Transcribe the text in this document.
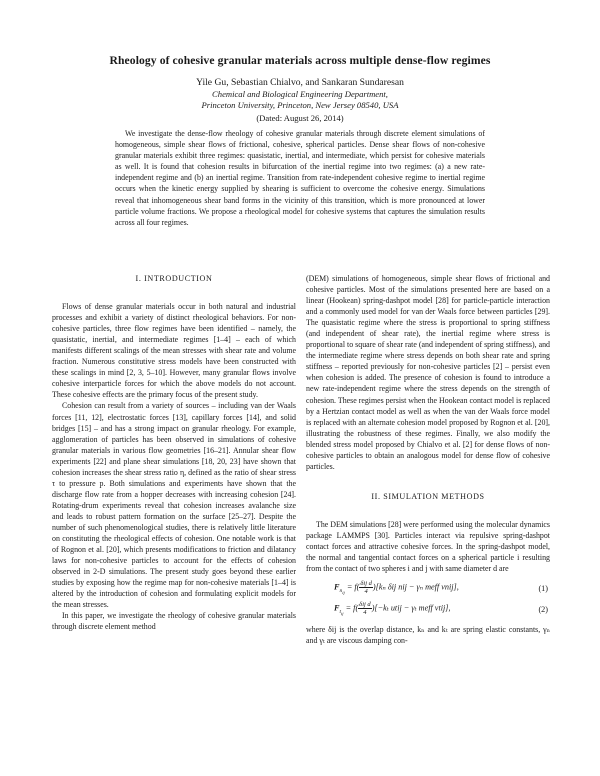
Rheology of cohesive granular materials across multiple dense-flow regimes
Yile Gu, Sebastian Chialvo, and Sankaran Sundaresan
Chemical and Biological Engineering Department,
Princeton University, Princeton, New Jersey 08540, USA
(Dated: August 26, 2014)
We investigate the dense-flow rheology of cohesive granular materials through discrete element simulations of homogeneous, simple shear flows of frictional, cohesive, spherical particles. Dense shear flows of non-cohesive granular materials exhibit three regimes: quasistatic, inertial, and intermediate, which persist for cohesive materials as well. It is found that cohesion results in bifurcation of the inertial regime into two regimes: (a) a new rate-independent regime and (b) an inertial regime. Transition from rate-independent cohesive regime to inertial regime occurs when the kinetic energy supplied by shearing is sufficient to overcome the cohesive energy. Simulations reveal that inhomogeneous shear band forms in the vicinity of this transition, which is more pronounced at lower particle volume fractions. We propose a rheological model for cohesive systems that captures the simulation results across all four regimes.
I. INTRODUCTION

Flows of dense granular materials occur in both natural and industrial processes and exhibit a variety of distinct rheological behaviors. For non-cohesive particles, three flow regimes have been identified – namely, the quasistatic, inertial, and intermediate regimes [1–4] – each of which manifests different scalings of the mean stresses with shear rate and volume fraction. Numerous constitutive stress models have been constructed with these scalings in mind [2, 3, 5–10]. However, many granular flows involve cohesive interparticle forces for which the above models do not account. These cohesive effects are the primary focus of the present study.

Cohesion can result from a variety of sources – including van der Waals forces [11, 12], electrostatic forces [13], capillary forces [14], and solid bridges [15] – and has a strong impact on granular rheology. For example, agglomeration of particles has been observed in simulations of cohesive granular materials in various flow geometries [16–21]. Annular shear flow experiments [22] and plane shear simulations [18, 20, 23] have shown that cohesion increases the shear stress ratio η, defined as the ratio of shear stress τ to pressure p. Both simulations and experiments have shown that the discharge flow rate from a hopper decreases with increasing cohesion [24]. Rotating-drum experiments reveal that cohesion increases avalanche size and leads to robust pattern formation on the surface [25–27]. Despite the number of such phenomenological studies, there is relatively little literature on constituting the rheological effects of cohesion. One notable work is that of Rognon et al. [20], which presents modifications to friction and dilatancy laws for non-cohesive particles to account for the effects of cohesion observed in 2-D simulations. The present study goes beyond these earlier studies by exposing how the regime map for non-cohesive materials [1–4] is altered by the introduction of cohesion and formulating explicit models for the mean stresses.

In this paper, we investigate the rheology of cohesive granular materials through discrete element method

(DEM) simulations of homogeneous, simple shear flows of frictional and cohesive particles. Most of the simulations presented here are based on a linear (Hookean) spring-dashpot model [28] for particle-particle interaction and a commonly used model for van der Waals force between particles [29]. The quasistatic regime where the stress is proportional to spring stiffness (and independent of shear rate), the inertial regime where stress is proportional to square of shear rate (and independent of spring stiffness), and the intermediate regime where stress depends on both shear rate and spring stiffness – reported previously for non-cohesive particles [2] – persist even when cohesion is added. The presence of cohesion is found to introduce a new rate-independent regime where the stress depends on the strength of cohesion. These regimes persist when the Hookean contact model is replaced by a Hertzian contact model as well as when the van der Waals force model is replaced with an alternate cohesion model proposed by Rognon et al. [20], illustrating the robustness of these regimes. Finally, we also modify the blended stress model proposed by Chialvo et al. [2] for dense flows of non-cohesive particles to obtain an analogous model for dense flow of cohesive particles.

II. SIMULATION METHODS

The DEM simulations [28] were performed using the molecular dynamics package LAMMPS [30]. Particles interact via repulsive spring-dashpot contact forces and attractive cohesive forces. In the spring-dashpot model, the normal and tangential contact forces on a spherical particle i resulting from the contact of two spheres i and j with same diameter d are

$F_{n_{ij}} = f( \frac{\text{δij d}}{4} )[k_n$ δij nij − γₙ meff vnij],	(1)
$F_{t_{ij}} = f( \frac{\text{δij d}}{4} )[-k_t$ utij − γₜ meff vtij],	(2)

where δij is the overlap distance, kₙ and kₜ are spring elastic constants, γₙ and γₜ are viscous damping con-
